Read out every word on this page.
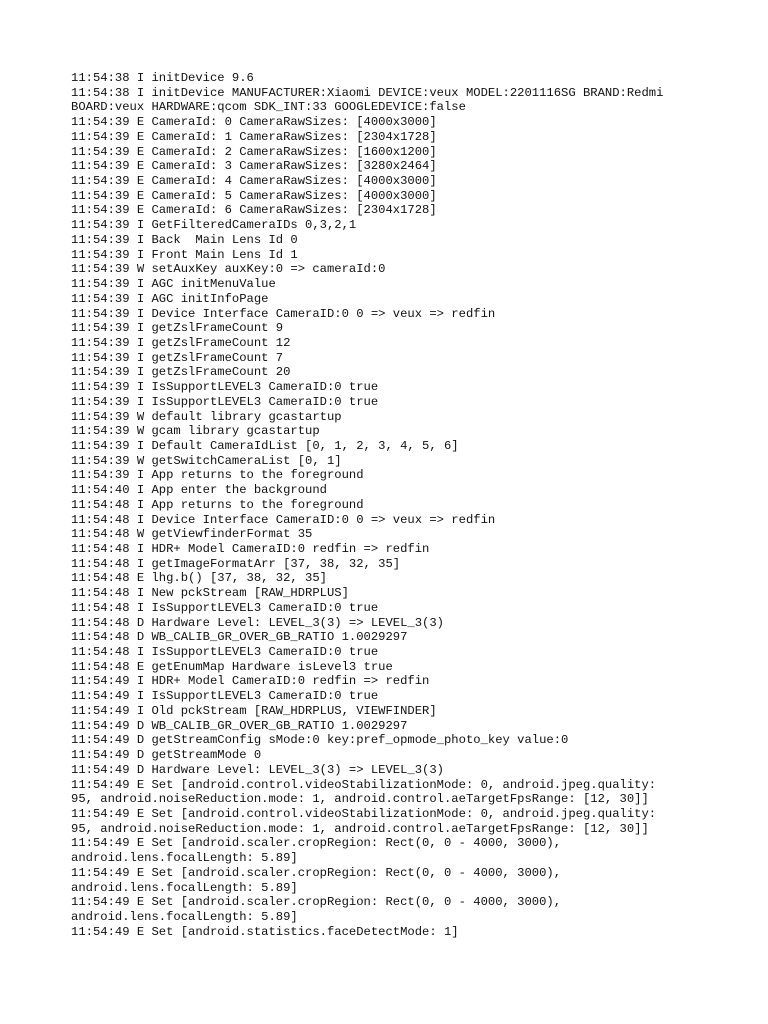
11:54:38 I initDevice 9.6
11:54:38 I initDevice MANUFACTURER:Xiaomi DEVICE:veux MODEL:2201116SG BRAND:Redmi
BOARD:veux HARDWARE:qcom SDK_INT:33 GOOGLEDEVICE:false
11:54:39 E CameraId: 0 CameraRawSizes: [4000x3000]
11:54:39 E CameraId: 1 CameraRawSizes: [2304x1728]
11:54:39 E CameraId: 2 CameraRawSizes: [1600x1200]
11:54:39 E CameraId: 3 CameraRawSizes: [3280x2464]
11:54:39 E CameraId: 4 CameraRawSizes: [4000x3000]
11:54:39 E CameraId: 5 CameraRawSizes: [4000x3000]
11:54:39 E CameraId: 6 CameraRawSizes: [2304x1728]
11:54:39 I GetFilteredCameraIDs 0,3,2,1
11:54:39 I Back  Main Lens Id 0
11:54:39 I Front Main Lens Id 1
11:54:39 W setAuxKey auxKey:0 => cameraId:0
11:54:39 I AGC initMenuValue
11:54:39 I AGC initInfoPage
11:54:39 I Device Interface CameraID:0 0 => veux => redfin
11:54:39 I getZslFrameCount 9
11:54:39 I getZslFrameCount 12
11:54:39 I getZslFrameCount 7
11:54:39 I getZslFrameCount 20
11:54:39 I IsSupportLEVEL3 CameraID:0 true
11:54:39 I IsSupportLEVEL3 CameraID:0 true
11:54:39 W default library gcastartup
11:54:39 W gcam library gcastartup
11:54:39 I Default CameraIdList [0, 1, 2, 3, 4, 5, 6]
11:54:39 W getSwitchCameraList [0, 1]
11:54:39 I App returns to the foreground
11:54:40 I App enter the background
11:54:48 I App returns to the foreground
11:54:48 I Device Interface CameraID:0 0 => veux => redfin
11:54:48 W getViewfinderFormat 35
11:54:48 I HDR+ Model CameraID:0 redfin => redfin
11:54:48 I getImageFormatArr [37, 38, 32, 35]
11:54:48 E lhg.b() [37, 38, 32, 35]
11:54:48 I New pckStream [RAW_HDRPLUS]
11:54:48 I IsSupportLEVEL3 CameraID:0 true
11:54:48 D Hardware Level: LEVEL_3(3) => LEVEL_3(3)
11:54:48 D WB_CALIB_GR_OVER_GB_RATIO 1.0029297
11:54:48 I IsSupportLEVEL3 CameraID:0 true
11:54:48 E getEnumMap Hardware isLevel3 true
11:54:49 I HDR+ Model CameraID:0 redfin => redfin
11:54:49 I IsSupportLEVEL3 CameraID:0 true
11:54:49 I Old pckStream [RAW_HDRPLUS, VIEWFINDER]
11:54:49 D WB_CALIB_GR_OVER_GB_RATIO 1.0029297
11:54:49 D getStreamConfig sMode:0 key:pref_opmode_photo_key value:0
11:54:49 D getStreamMode 0
11:54:49 D Hardware Level: LEVEL_3(3) => LEVEL_3(3)
11:54:49 E Set [android.control.videoStabilizationMode: 0, android.jpeg.quality:
95, android.noiseReduction.mode: 1, android.control.aeTargetFpsRange: [12, 30]]
11:54:49 E Set [android.control.videoStabilizationMode: 0, android.jpeg.quality:
95, android.noiseReduction.mode: 1, android.control.aeTargetFpsRange: [12, 30]]
11:54:49 E Set [android.scaler.cropRegion: Rect(0, 0 - 4000, 3000),
android.lens.focalLength: 5.89]
11:54:49 E Set [android.scaler.cropRegion: Rect(0, 0 - 4000, 3000),
android.lens.focalLength: 5.89]
11:54:49 E Set [android.scaler.cropRegion: Rect(0, 0 - 4000, 3000),
android.lens.focalLength: 5.89]
11:54:49 E Set [android.statistics.faceDetectMode: 1]
